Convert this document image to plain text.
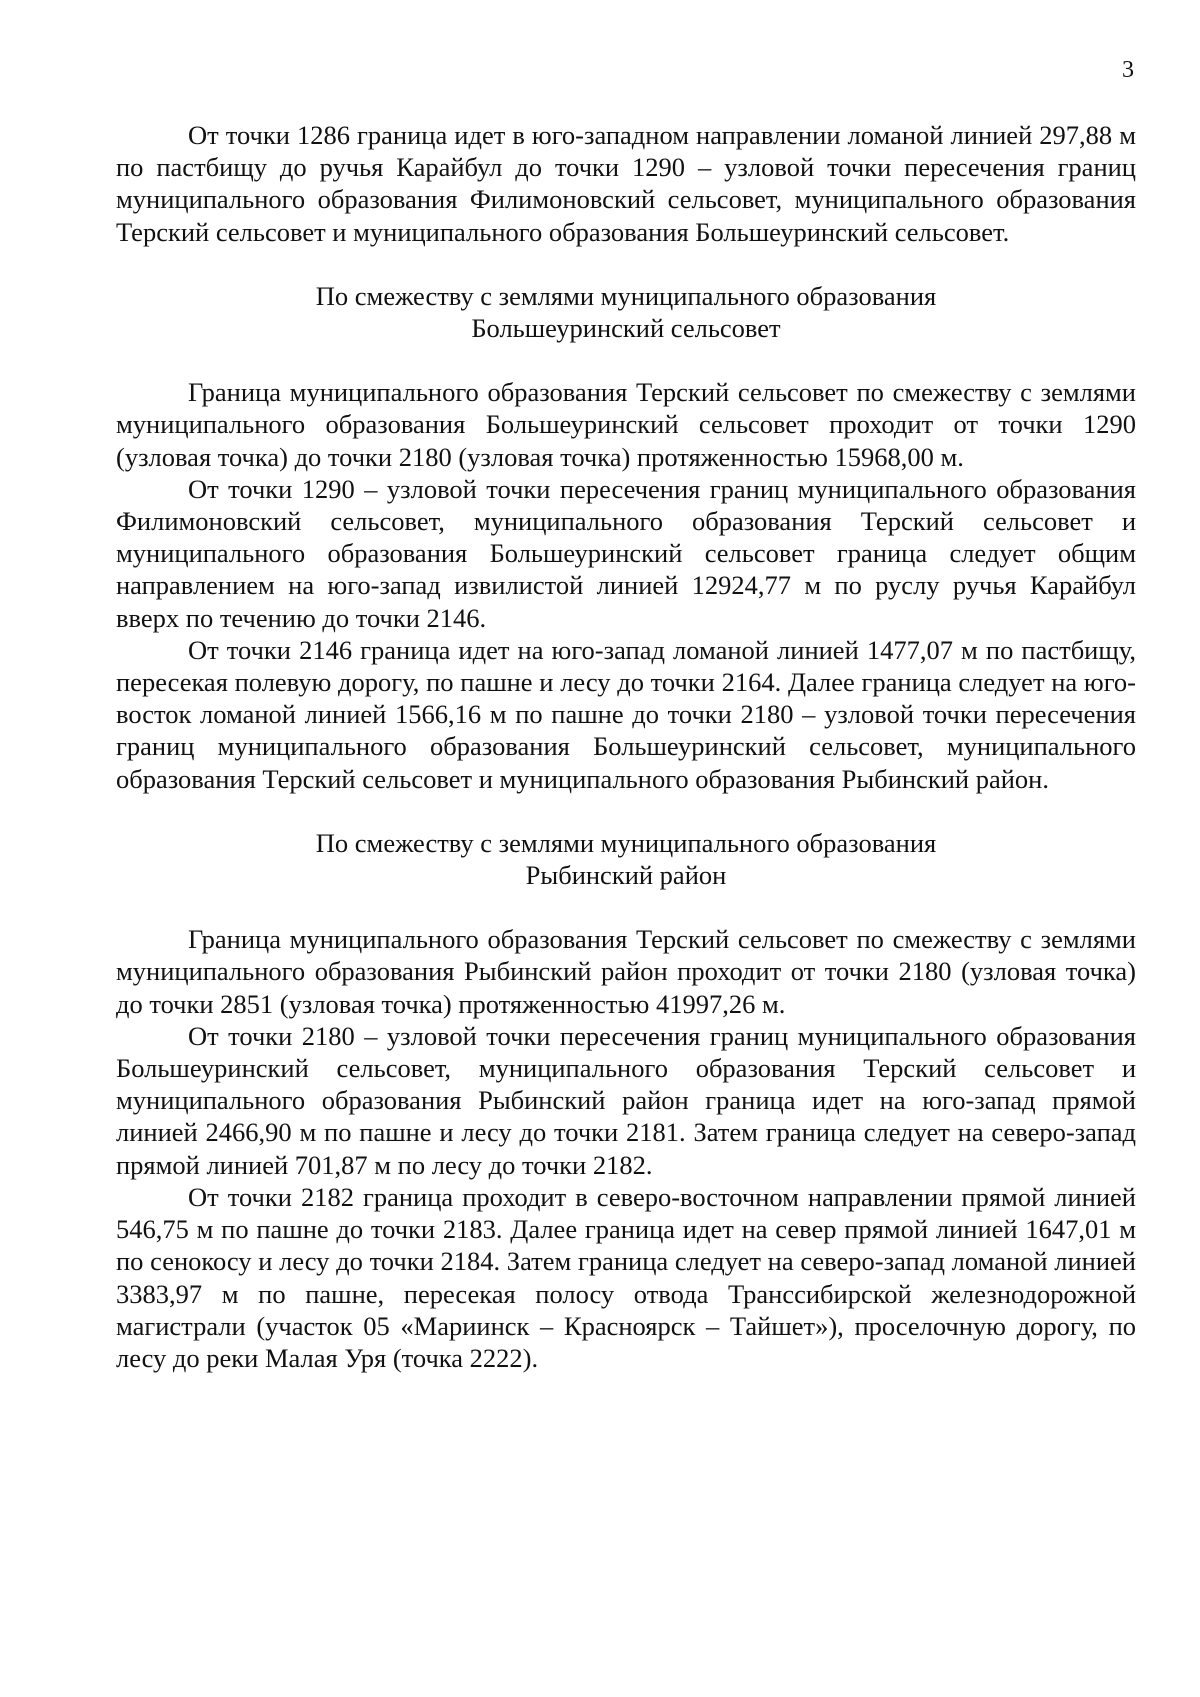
3

От точки 1286 граница идет в юго-западном направлении ломаной линией 297,88 м по пастбищу до ручья Карайбул до точки 1290 – узловой точки пересечения границ муниципального образования Филимоновский сельсовет, муниципального образования Терский сельсовет и муниципального образования Большеуринский сельсовет.

По смежеству с землями муниципального образования

Большеуринский сельсовет

Граница муниципального образования Терский сельсовет по смежеству с землями муниципального образования Большеуринский сельсовет проходит от точки 1290 (узловая точка) до точки 2180 (узловая точка) протяженностью 15968,00 м.

От точки 1290 – узловой точки пересечения границ муниципального образования Филимоновский сельсовет, муниципального образования Терский сельсовет и муниципального образования Большеуринский сельсовет граница следует общим направлением на юго-запад извилистой линией 12924,77 м по руслу ручья Карайбул вверх по течению до точки 2146.

От точки 2146 граница идет на юго-запад ломаной линией 1477,07 м по пастбищу, пересекая полевую дорогу, по пашне и лесу до точки 2164. Далее граница следует на юго-восток ломаной линией 1566,16 м по пашне до точки 2180 – узловой точки пересечения границ муниципального образования Большеуринский сельсовет, муниципального образования Терский сельсовет и муниципального образования Рыбинский район.

По смежеству с землями муниципального образования

Рыбинский район

Граница муниципального образования Терский сельсовет по смежеству с землями муниципального образования Рыбинский район проходит от точки 2180 (узловая точка) до точки 2851 (узловая точка) протяженностью 41997,26 м.

От точки 2180 – узловой точки пересечения границ муниципального образования Большеуринский сельсовет, муниципального образования Терский сельсовет и муниципального образования Рыбинский район граница идет на юго-запад прямой линией 2466,90 м по пашне и лесу до точки 2181. Затем граница следует на северо-запад прямой линией 701,87 м по лесу до точки 2182.

От точки 2182 граница проходит в северо-восточном направлении прямой линией 546,75 м по пашне до точки 2183. Далее граница идет на север прямой линией 1647,01 м по сенокосу и лесу до точки 2184. Затем граница следует на северо-запад ломаной линией 3383,97 м по пашне, пересекая полосу отвода Транссибирской железнодорожной магистрали (участок 05 «Мариинск – Красноярск – Тайшет»), проселочную дорогу, по лесу до реки Малая Уря (точка 2222).
